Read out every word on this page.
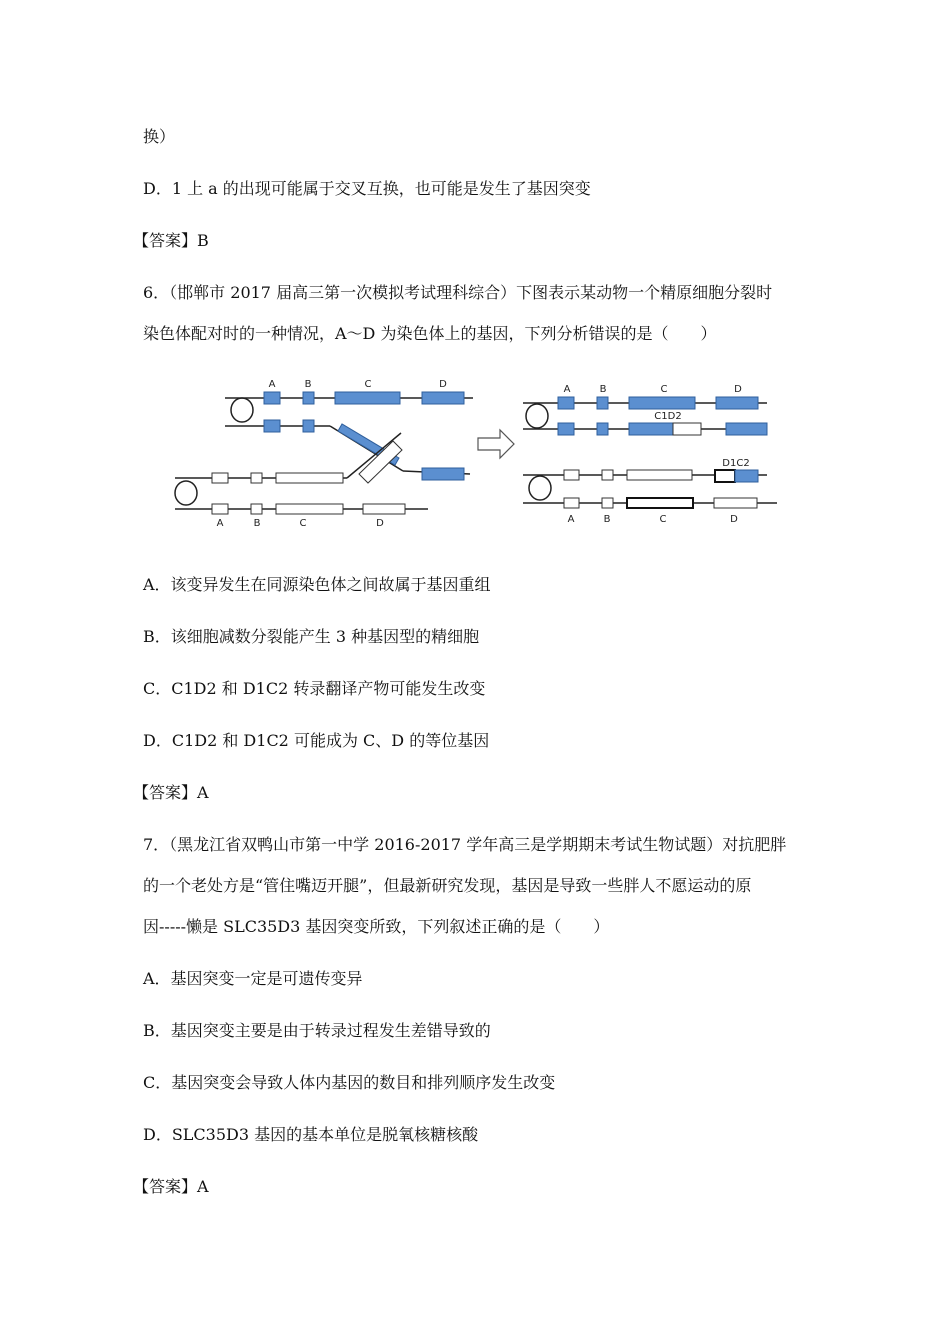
换）
D．1 上 a 的出现可能属于交叉互换，也可能是发生了基因突变
【答案】B
6．（邯郸市 2017 届高三第一次模拟考试理科综合）下图表示某动物一个精原细胞分裂时
染色体配对时的一种情况，A～D 为染色体上的基因，下列分析错误的是（　　）
A	B	C	D
A	B	C	D
A	B	C	D
C1D2
D1C2
A	B	C	D
A．该变异发生在同源染色体之间故属于基因重组
B．该细胞减数分裂能产生 3 种基因型的精细胞
C．C1D2 和 D1C2 转录翻译产物可能发生改变
D．C1D2 和 D1C2 可能成为 C、D 的等位基因
【答案】A
7．（黑龙江省双鸭山市第一中学 2016-2017 学年高三是学期期末考试生物试题）对抗肥胖
的一个老处方是“管住嘴迈开腿”，但最新研究发现，基因是导致一些胖人不愿运动的原
因-----懒是 SLC35D3 基因突变所致，下列叙述正确的是（　　）
A．基因突变一定是可遗传变异
B．基因突变主要是由于转录过程发生差错导致的
C．基因突变会导致人体内基因的数目和排列顺序发生改变
D．SLC35D3 基因的基本单位是脱氧核糖核酸
【答案】A
